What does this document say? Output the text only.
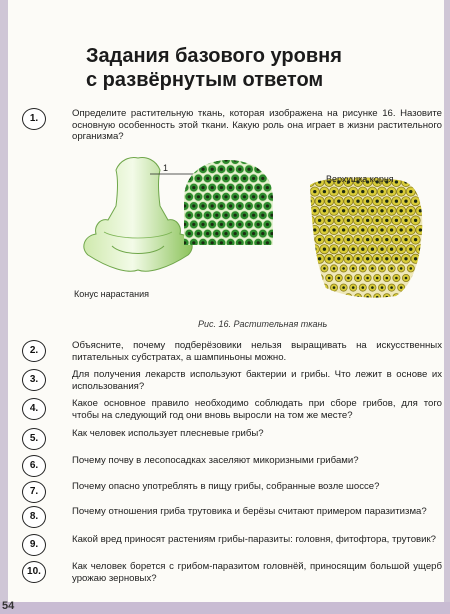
Задания базового уровня
с развёрнутым ответом
1.	Определите растительную ткань, которая изображена на рисунке 16. Назовите основную особенность этой ткани. Какую роль она играет в жизни растительного организма?
1
Конус нарастания
Верхушка корня
Рис. 16. Растительная ткань
2.	Объясните, почему подберёзовики нельзя выращивать на искусственных питательных субстратах, а шампиньоны можно.
3.	Для получения лекарств используют бактерии и грибы. Что лежит в основе их использования?
4.	Какое основное правило необходимо соблюдать при сборе грибов, для того чтобы на следующий год они вновь выросли на том же месте?
5.	Как человек использует плесневые грибы?
6.	Почему почву в лесопосадках заселяют микоризными грибами?
7.	Почему опасно употреблять в пищу грибы, собранные возле шоссе?
8.	Почему отношения гриба трутовика и берёзы считают примером паразитизма?
9.	Какой вред приносят растениям грибы-паразиты: головня, фитофтора, трутовик?
10.	Как человек борется с грибом-паразитом головнёй, приносящим большой ущерб урожаю зерновых?
54
